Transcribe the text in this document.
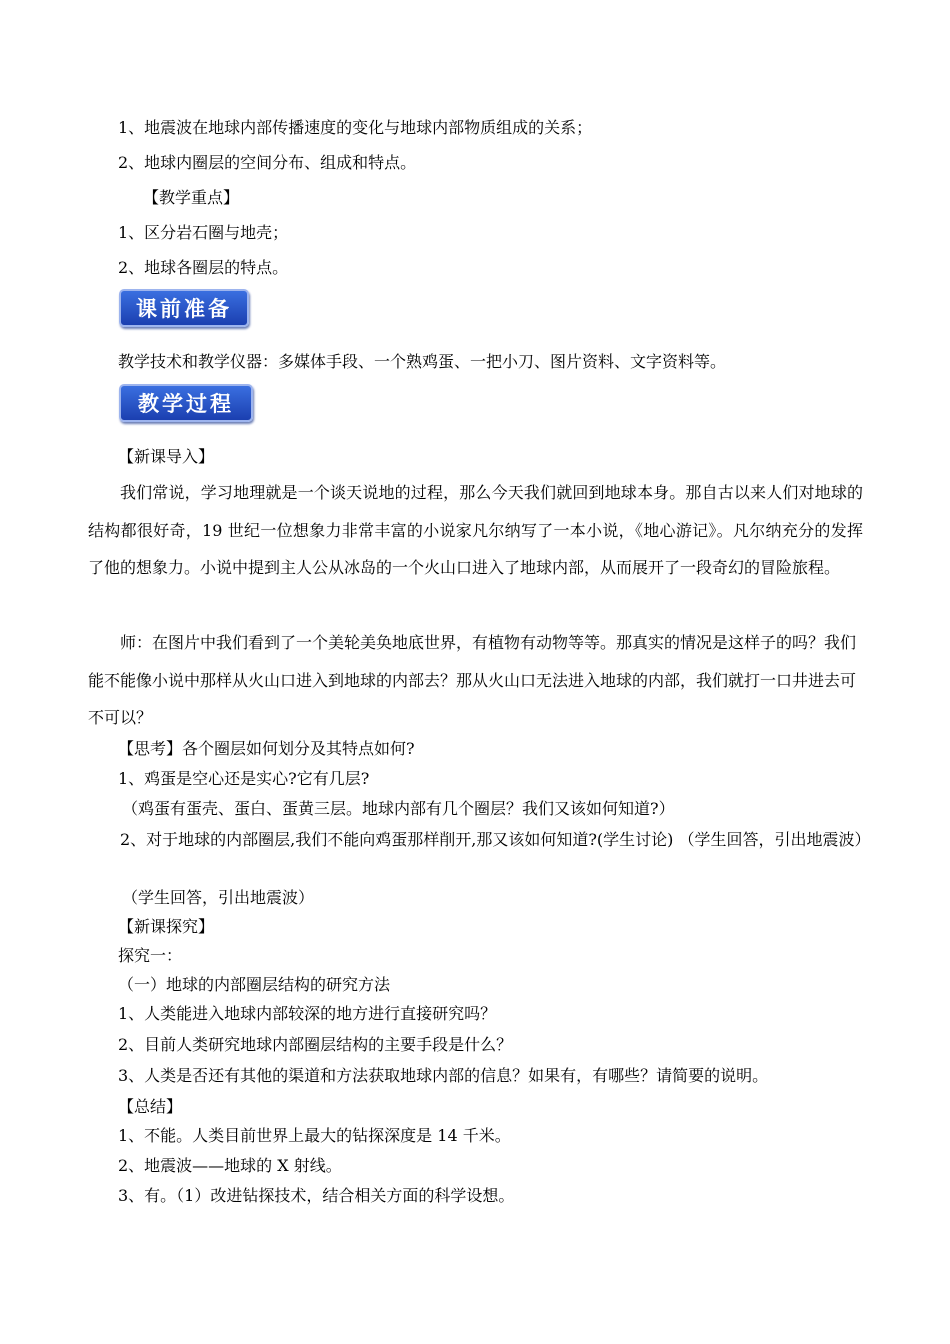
1、地震波在地球内部传播速度的变化与地球内部物质组成的关系；
2、地球内圈层的空间分布、组成和特点。
【教学重点】
1、区分岩石圈与地壳；
2、地球各圈层的特点。
课前准备
教学技术和教学仪器：多媒体手段、一个熟鸡蛋、一把小刀、图片资料、文字资料等。
教学过程
【新课导入】
我们常说，学习地理就是一个谈天说地的过程，那么今天我们就回到地球本身。那自古以来人们对地球的结构都很好奇，19 世纪一位想象力非常丰富的小说家凡尔纳写了一本小说，《地心游记》。凡尔纳充分的发挥了他的想象力。小说中提到主人公从冰岛的一个火山口进入了地球内部，从而展开了一段奇幻的冒险旅程。
师：在图片中我们看到了一个美轮美奂地底世界，有植物有动物等等。那真实的情况是这样子的吗？我们能不能像小说中那样从火山口进入到地球的内部去？那从火山口无法进入地球的内部，我们就打一口井进去可不可以？
【思考】各个圈层如何划分及其特点如何?
1、鸡蛋是空心还是实心?它有几层?
（鸡蛋有蛋壳、蛋白、蛋黄三层。地球内部有几个圈层？我们又该如何知道?）
2、对于地球的内部圈层,我们不能向鸡蛋那样削开,那又该如何知道?(学生讨论) （学生回答，引出地震波）
（学生回答，引出地震波）
【新课探究】
探究一：
（一）地球的内部圈层结构的研究方法
1、人类能进入地球内部较深的地方进行直接研究吗？
2、目前人类研究地球内部圈层结构的主要手段是什么？
3、人类是否还有其他的渠道和方法获取地球内部的信息？如果有，有哪些？请简要的说明。
【总结】
1、不能。人类目前世界上最大的钻探深度是 14 千米。
2、地震波——地球的 X 射线。
3、有。（1）改进钻探技术，结合相关方面的科学设想。
